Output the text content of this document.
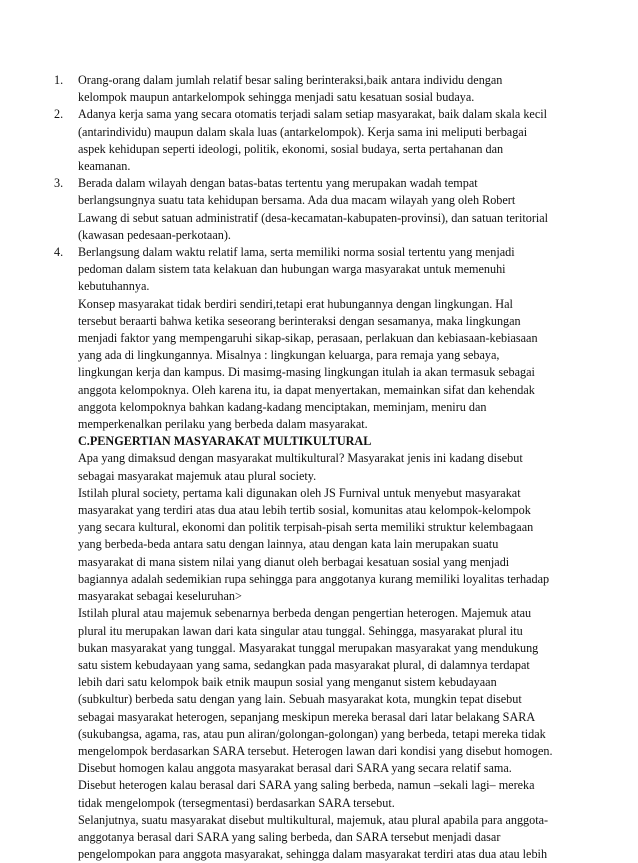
1.	Orang-orang dalam jumlah relatif besar saling berinteraksi,baik antara individu dengan
kelompok maupun antarkelompok sehingga menjadi satu kesatuan sosial budaya.
2.	Adanya kerja sama yang secara otomatis terjadi salam setiap masyarakat, baik dalam skala kecil
(antarindividu) maupun dalam skala luas (antarkelompok). Kerja sama ini meliputi berbagai
aspek kehidupan seperti ideologi, politik, ekonomi, sosial budaya, serta pertahanan dan
keamanan.
3.	Berada dalam wilayah dengan batas-batas tertentu yang merupakan wadah tempat
berlangsungnya suatu tata kehidupan bersama. Ada dua macam wilayah yang oleh Robert
Lawang di sebut satuan administratif (desa-kecamatan-kabupaten-provinsi), dan satuan teritorial
(kawasan pedesaan-perkotaan).
4.	Berlangsung dalam waktu relatif lama, serta memiliki norma sosial tertentu yang menjadi
pedoman dalam sistem tata kelakuan dan hubungan warga masyarakat untuk memenuhi
kebutuhannya.
Konsep masyarakat tidak berdiri sendiri,tetapi erat hubungannya dengan lingkungan. Hal
tersebut beraarti bahwa ketika seseorang berinteraksi dengan sesamanya, maka lingkungan
menjadi faktor yang mempengaruhi sikap-sikap, perasaan, perlakuan dan kebiasaan-kebiasaan
yang ada di lingkungannya. Misalnya : lingkungan keluarga, para remaja yang sebaya,
lingkungan kerja dan kampus. Di masimg-masing lingkungan itulah ia akan termasuk sebagai
anggota kelompoknya. Oleh karena itu, ia dapat menyertakan, memainkan sifat dan kehendak
anggota kelompoknya bahkan kadang-kadang menciptakan, meminjam, meniru dan
memperkenalkan perilaku yang berbeda dalam masyarakat.
C.PENGERTIAN MASYARAKAT MULTIKULTURAL
Apa yang dimaksud dengan masyarakat multikultural? Masyarakat jenis ini kadang disebut
sebagai masyarakat majemuk atau plural society.
Istilah plural society, pertama kali digunakan oleh JS Furnival untuk menyebut masyarakat
masyarakat yang terdiri atas dua atau lebih tertib sosial, komunitas atau kelompok-kelompok
yang secara kultural, ekonomi dan politik terpisah-pisah serta memiliki struktur kelembagaan
yang berbeda-beda antara satu dengan lainnya, atau dengan kata lain merupakan suatu
masyarakat di mana sistem nilai yang dianut oleh berbagai kesatuan sosial yang menjadi
bagiannya adalah sedemikian rupa sehingga para anggotanya kurang memiliki loyalitas terhadap
masyarakat sebagai keseluruhan>
Istilah plural atau majemuk sebenarnya berbeda dengan pengertian heterogen. Majemuk atau
plural itu merupakan lawan dari kata singular atau tunggal. Sehingga, masyarakat plural itu
bukan masyarakat yang tunggal. Masyarakat tunggal merupakan masyarakat yang mendukung
satu sistem kebudayaan yang sama, sedangkan pada masyarakat plural, di dalamnya terdapat
lebih dari satu kelompok baik etnik maupun sosial yang menganut sistem kebudayaan
(subkultur) berbeda satu dengan yang lain. Sebuah masyarakat kota, mungkin tepat disebut
sebagai masyarakat heterogen, sepanjang meskipun mereka berasal dari latar belakang SARA
(sukubangsa, agama, ras, atau pun aliran/golongan-golongan) yang berbeda, tetapi mereka tidak
mengelompok berdasarkan SARA tersebut. Heterogen lawan dari kondisi yang disebut homogen.
Disebut homogen kalau anggota masyarakat berasal dari SARA yang secara relatif sama.
Disebut heterogen kalau berasal dari SARA yang saling berbeda, namun –sekali lagi– mereka
tidak mengelompok (tersegmentasi) berdasarkan SARA tersebut.
Selanjutnya, suatu masyarakat disebut multikultural, majemuk, atau plural apabila para anggota-
anggotanya berasal dari SARA yang saling berbeda, dan SARA tersebut menjadi dasar
pengelompokan para anggota masyarakat, sehingga dalam masyarakat terdiri atas dua atau lebih
